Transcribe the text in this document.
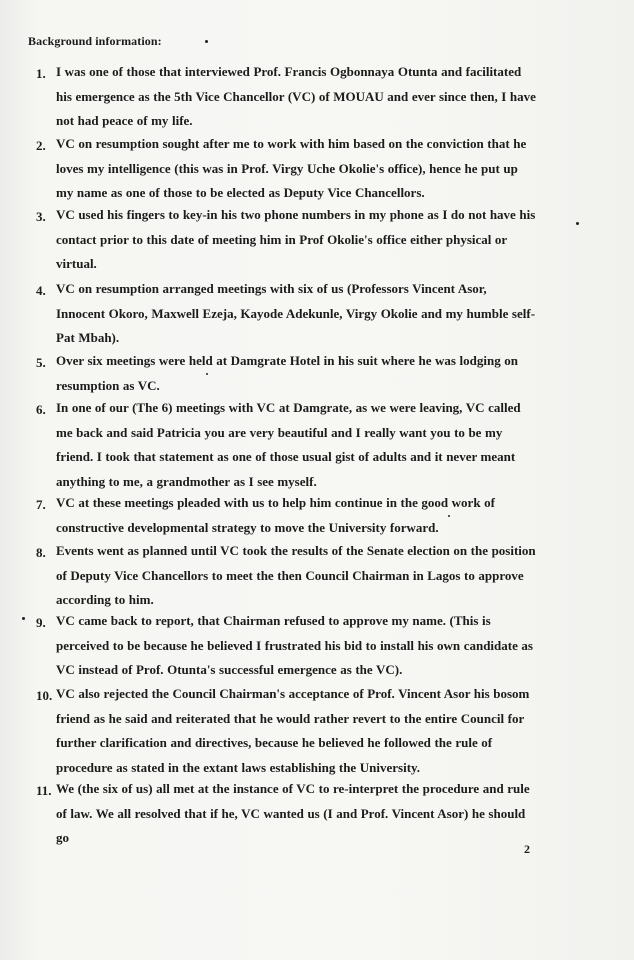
Background information:
1. I was one of those that interviewed Prof. Francis Ogbonnaya Otunta and facilitated his emergence as the 5th Vice Chancellor (VC) of MOUAU and ever since then, I have not had peace of my life.
2. VC on resumption sought after me to work with him based on the conviction that he loves my intelligence (this was in Prof. Virgy Uche Okolie's office), hence he put up my name as one of those to be elected as Deputy Vice Chancellors.
3. VC used his fingers to key-in his two phone numbers in my phone as I do not have his contact prior to this date of meeting him in Prof Okolie's office either physical or virtual.
4. VC on resumption arranged meetings with six of us (Professors Vincent Asor, Innocent Okoro, Maxwell Ezeja, Kayode Adekunle, Virgy Okolie and my humble self-Pat Mbah).
5. Over six meetings were held at Damgrate Hotel in his suit where he was lodging on resumption as VC.
6. In one of our (The 6) meetings with VC at Damgrate, as we were leaving, VC called me back and said Patricia you are very beautiful and I really want you to be my friend. I took that statement as one of those usual gist of adults and it never meant anything to me, a grandmother as I see myself.
7. VC at these meetings pleaded with us to help him continue in the good work of constructive developmental strategy to move the University forward.
8. Events went as planned until VC took the results of the Senate election on the position of Deputy Vice Chancellors to meet the then Council Chairman in Lagos to approve according to him.
9. VC came back to report, that Chairman refused to approve my name. (This is perceived to be because he believed I frustrated his bid to install his own candidate as VC instead of Prof. Otunta's successful emergence as the VC).
10. VC also rejected the Council Chairman's acceptance of Prof. Vincent Asor his bosom friend as he said and reiterated that he would rather revert to the entire Council for further clarification and directives, because he believed he followed the rule of procedure as stated in the extant laws establishing the University.
11. We (the six of us) all met at the instance of VC to re-interpret the procedure and rule of law. We all resolved that if he, VC wanted us (I and Prof. Vincent Asor) he should go
2
